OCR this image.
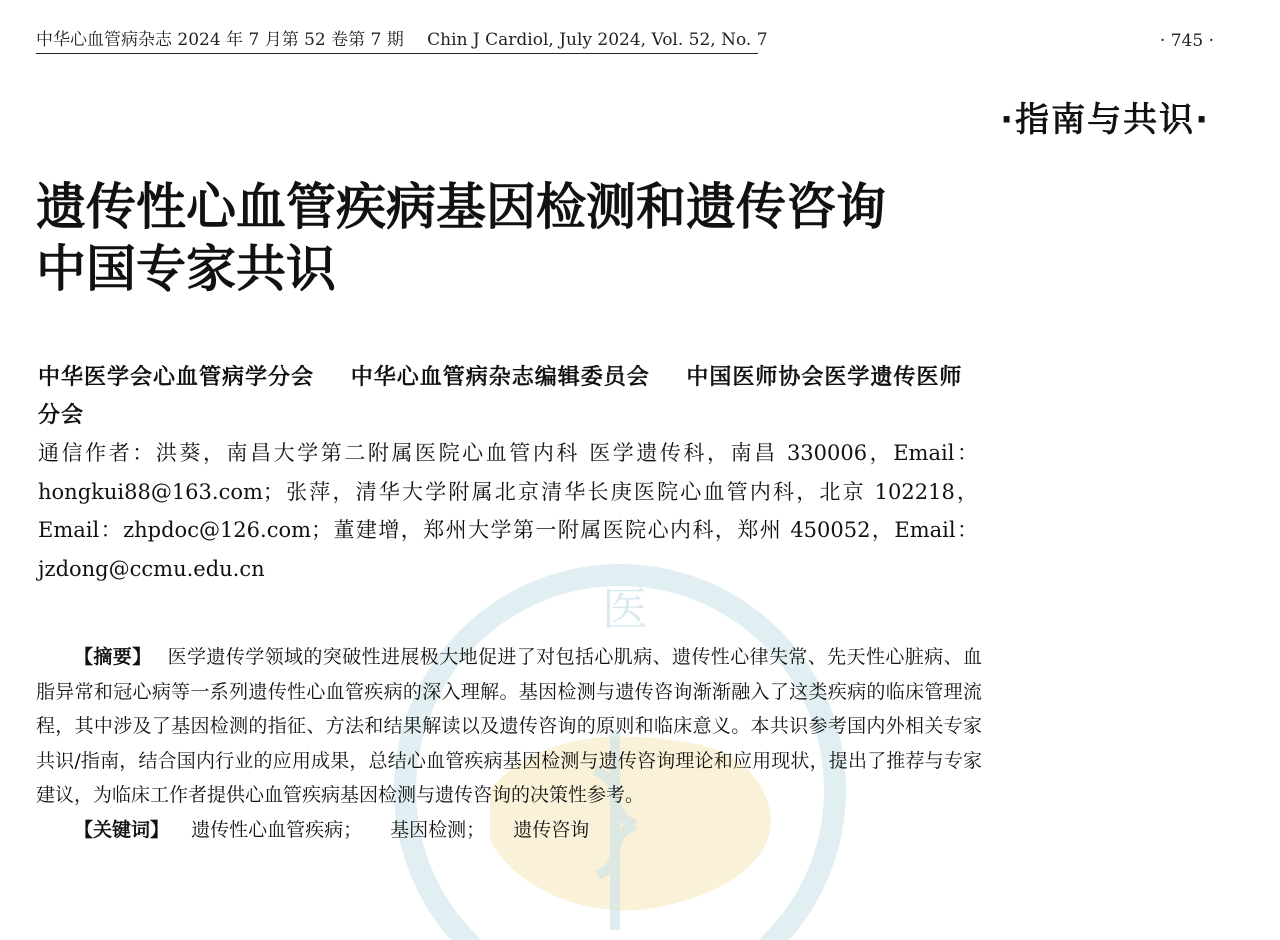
医
中华心血管病杂志 2024 年 7 月第 52 卷第 7 期 Chin J Cardiol, July 2024, Vol. 52, No. 7	· 745 ·
·指南与共识·
遗传性心血管疾病基因检测和遗传咨询
中国专家共识
中华医学会心血管病学分会 中华心血管病杂志编辑委员会 中国医师协会医学遗传医师分会
通信作者：洪葵，南昌大学第二附属医院心血管内科 医学遗传科，南昌 330006，Email：hongkui88@163.com；张萍，清华大学附属北京清华长庚医院心血管内科，北京 102218，Email：zhpdoc@126.com；董建增，郑州大学第一附属医院心内科，郑州 450052，Email：jzdong@ccmu.edu.cn
【摘要】 医学遗传学领域的突破性进展极大地促进了对包括心肌病、遗传性心律失常、先天性心脏病、血脂异常和冠心病等一系列遗传性心血管疾病的深入理解。基因检测与遗传咨询渐渐融入了这类疾病的临床管理流程，其中涉及了基因检测的指征、方法和结果解读以及遗传咨询的原则和临床意义。本共识参考国内外相关专家共识/指南，结合国内行业的应用成果，总结心血管疾病基因检测与遗传咨询理论和应用现状，提出了推荐与专家建议，为临床工作者提供心血管疾病基因检测与遗传咨询的决策性参考。
【关键词】 遗传性心血管疾病； 基因检测； 遗传咨询
